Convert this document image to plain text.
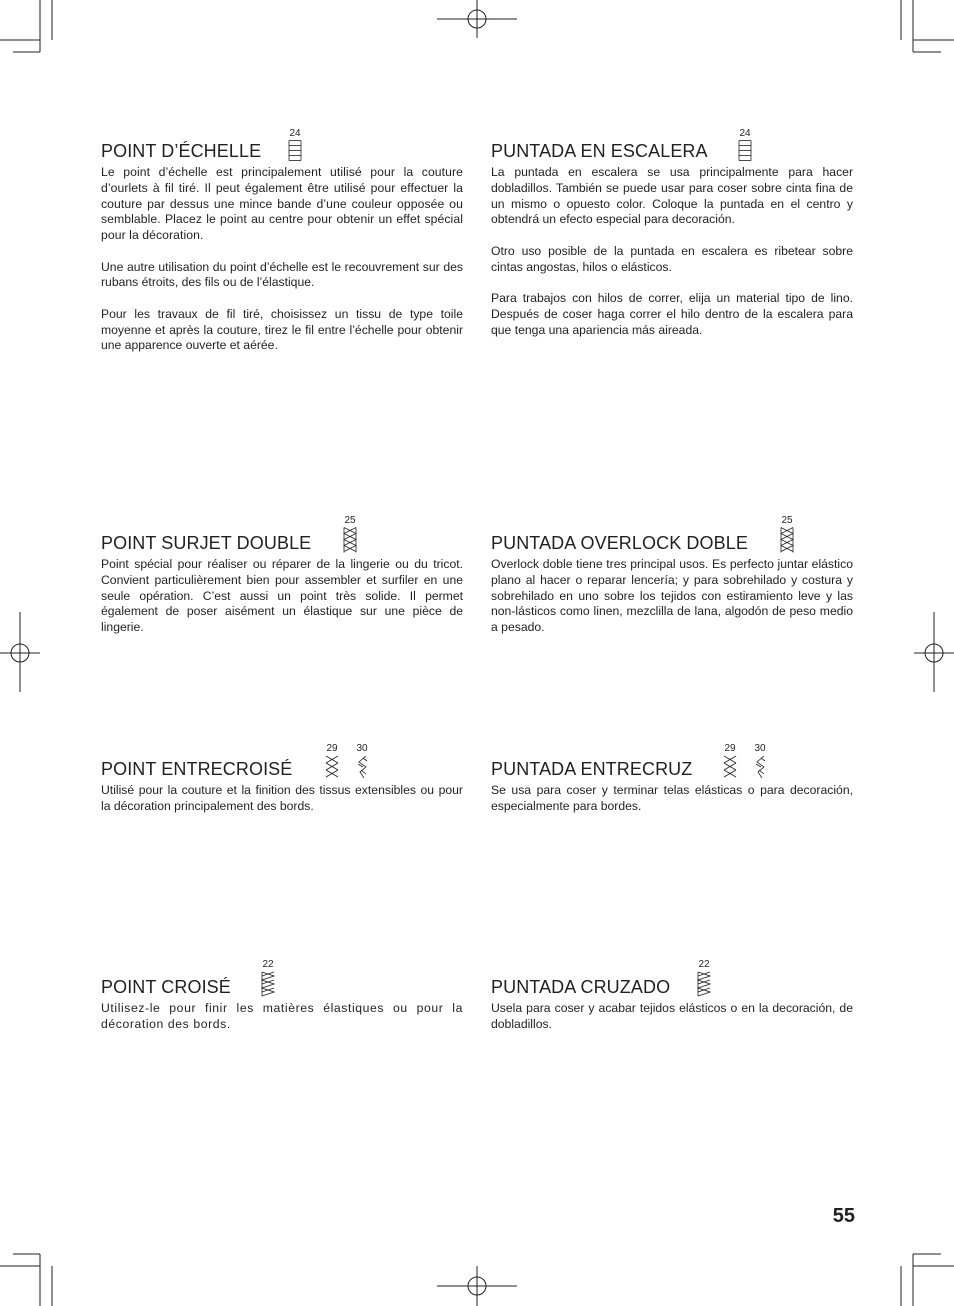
POINT D’ÉCHELLE
24

Le point d’échelle est principalement utilisé pour la couture d’ourlets à fil tiré. Il peut également être utilisé pour effectuer la couture par dessus une mince bande d’une couleur opposée ou semblable. Placez le point au centre pour obtenir un effet spécial pour la décoration.

Une autre utilisation du point d’échelle est le recouvrement sur des rubans étroits, des fils ou de l’élastique.

Pour les travaux de fil tiré, choisissez un tissu de type toile moyenne et après la couture, tirez le fil entre l’échelle pour obtenir une apparence ouverte et aérée.

POINT SURJET DOUBLE
25

Point spécial pour réaliser ou réparer de la lingerie ou du tricot. Convient particulièrement bien pour assembler et surfiler en une seule opération. C’est aussi un point très solide. Il permet également de poser aisément un élastique sur une pièce de lingerie.

POINT ENTRECROISÉ
29 30

Utilisé pour la couture et la finition des tissus extensibles ou pour la décoration principalement des bords.

POINT CROISÉ
22

Utilisez-le pour finir les matières élastiques ou pour la décoration des bords.

PUNTADA EN ESCALERA
24

La puntada en escalera se usa principalmente para hacer dobladillos. También se puede usar para coser sobre cinta fina de un mismo o opuesto color. Coloque la puntada en el centro y obtendrá un efecto especial para decoración.

Otro uso posible de la puntada en escalera es ribetear sobre cintas angostas, hilos o elásticos.

Para trabajos con hilos de correr, elija un material tipo de lino. Después de coser haga correr el hilo dentro de la escalera para que tenga una apariencia más aireada.

PUNTADA OVERLOCK DOBLE
25

Overlock doble tiene tres principal usos. Es perfecto juntar elástico plano al hacer o reparar lencería; y para sobrehilado y costura y sobrehilado en uno sobre los tejidos con estiramiento leve y las non-lásticos como linen, mezclilla de lana, algodón de peso medio a pesado.

PUNTADA ENTRECRUZ
29 30

Se usa para coser y terminar telas elásticas o para decoración, especialmente para bordes.

PUNTADA CRUZADO
22

Usela para coser y acabar tejidos elásticos o en la decoración, de dobladillos.

55
